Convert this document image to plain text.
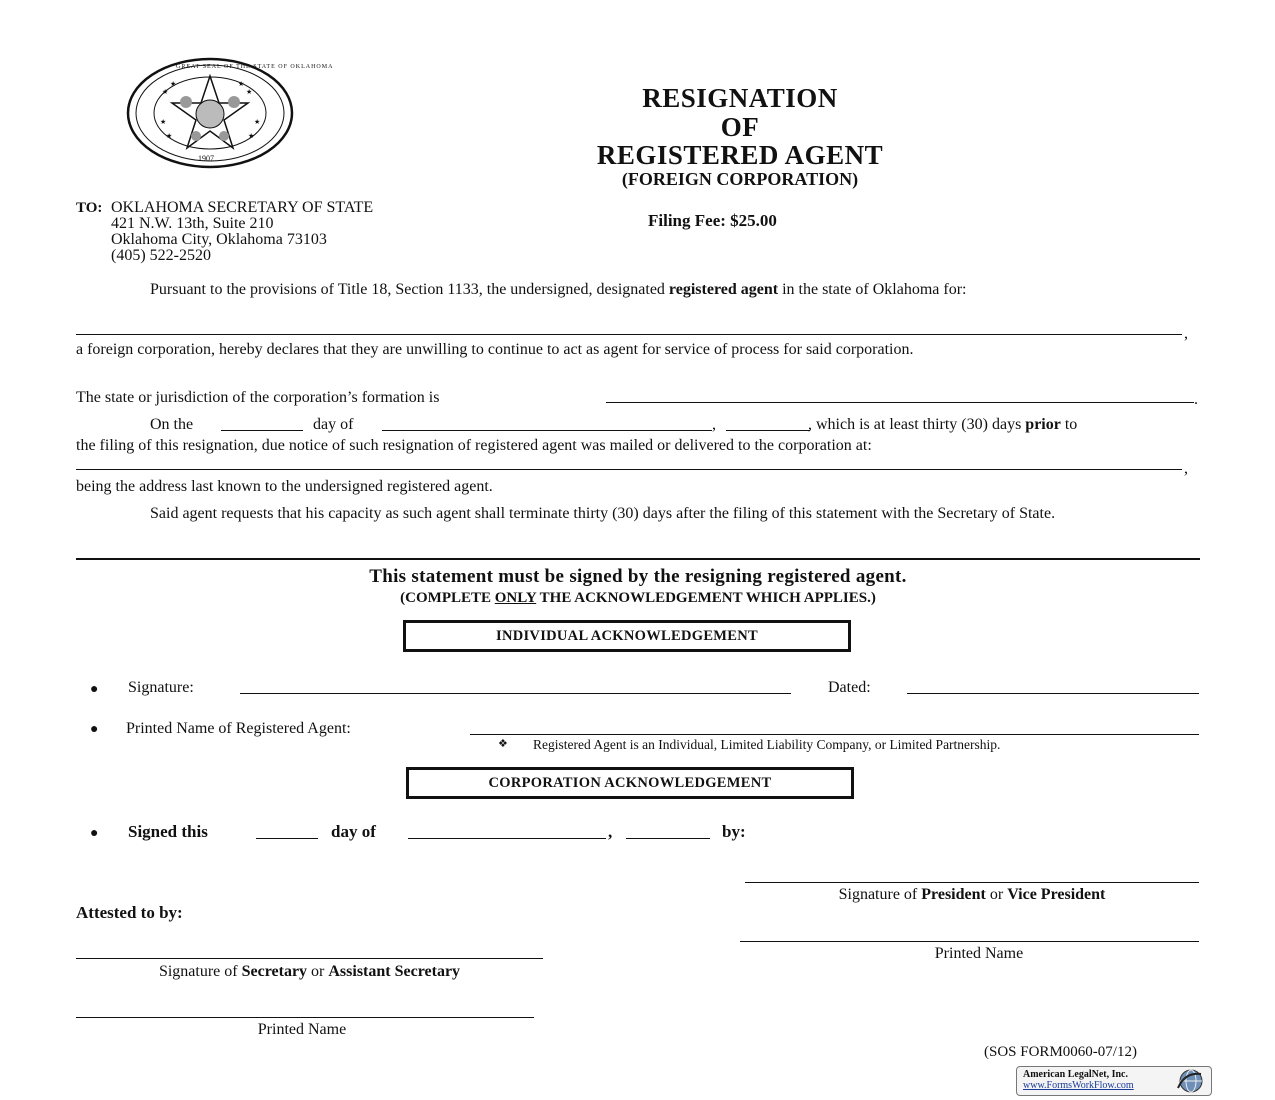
★
★
★
★
★	★
★	★
GREAT SEAL OF THE STATE OF OKLAHOMA
1907
RESIGNATION
OF
REGISTERED AGENT
(FOREIGN CORPORATION)
Filing Fee: $25.00
TO: OKLAHOMA SECRETARY OF STATE
421 N.W. 13th, Suite 210
Oklahoma City, Oklahoma 73103
(405) 522-2520
Pursuant to the provisions of Title 18, Section 1133, the undersigned, designated registered agent in the state of Oklahoma for:
,
a foreign corporation, hereby declares that they are unwilling to continue to act as agent for service of process for said corporation.
The state or jurisdiction of the corporation’s formation is	.
On the	day of	,	, which is at least thirty (30) days prior to
the filing of this resignation, due notice of such resignation of registered agent was mailed or delivered to the corporation at:
,
being the address last known to the undersigned registered agent.
Said agent requests that his capacity as such agent shall terminate thirty (30) days after the filing of this statement with the Secretary of State.
This statement must be signed by the resigning registered agent.
(COMPLETE ONLY THE ACKNOWLEDGEMENT WHICH APPLIES.)
INDIVIDUAL ACKNOWLEDGEMENT
● Signature:	Dated:
● Printed Name of Registered Agent:
❖ Registered Agent is an Individual, Limited Liability Company, or Limited Partnership.
CORPORATION ACKNOWLEDGEMENT
● Signed this	day of	,	by:
Signature of President or Vice President
Printed Name
Attested to by:
Signature of Secretary or Assistant Secretary
Printed Name
(SOS FORM0060-07/12)
American LegalNet, Inc.
www.FormsWorkFlow.com
